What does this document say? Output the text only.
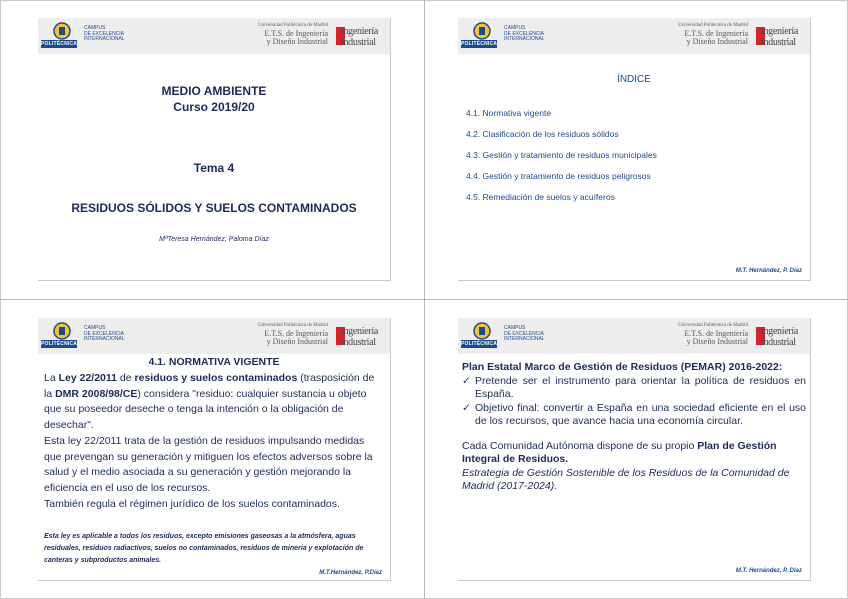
POLITÉCNICA
CAMPUS
DE EXCELENCIA
INTERNACIONAL
Universidad Politécnica de Madrid
E.T.S. de Ingeniería
y Diseño Industrial
ingeniería
industrial
MEDIO AMBIENTE
Curso 2019/20
Tema 4
RESIDUOS SÓLIDOS Y SUELOS CONTAMINADOS
MªTeresa Hernández, Paloma Díaz
POLITÉCNICA
CAMPUS
DE EXCELENCIA
INTERNACIONAL
Universidad Politécnica de Madrid
E.T.S. de Ingeniería
y Diseño Industrial
ingeniería
industrial
ÍNDICE
4.1. Normativa vigente
4.2. Clasificación de los residuos sólidos
4.3. Gestión y tratamiento de residuos municipales
4.4. Gestión y tratamiento de residuos peligrosos
4.5. Remediación de suelos y acuíferos
M.T. Hernández, P. Díaz
POLITÉCNICA
CAMPUS
DE EXCELENCIA
INTERNACIONAL
Universidad Politécnica de Madrid
E.T.S. de Ingeniería
y Diseño Industrial
ingeniería
industrial
4.1. NORMATIVA VIGENTE

La Ley 22/2011 de residuos y suelos contaminados (trasposición de la DMR 2008/98/CE) considera "residuo: cualquier sustancia u objeto que su poseedor deseche o tenga la intención o la obligación de desechar".

Esta ley 22/2011 trata de la gestión de residuos impulsando medidas que prevengan su generación y mitiguen los efectos adversos sobre la salud y el medio asociada a su generación y gestión mejorando la eficiencia en el uso de los recursos.

También regula el régimen jurídico de los suelos contaminados.

Esta ley es aplicable a todos los residuos, excepto emisiones gaseosas a la atmósfera, aguas residuales, residuos radiactivos, suelos no contaminados, residuos de minería y explotación de canteras y subproductos animales.
M.T.Hernández, P.Díaz
POLITÉCNICA
CAMPUS
DE EXCELENCIA
INTERNACIONAL
Universidad Politécnica de Madrid
E.T.S. de Ingeniería
y Diseño Industrial
ingeniería
industrial
Plan Estatal Marco de Gestión de Residuos (PEMAR) 2016-2022:
✓ Pretende ser el instrumento para orientar la política de residuos en España.
✓ Objetivo final: convertir a España en una sociedad eficiente en el uso de los recursos, que avance hacia una economía circular.
Cada Comunidad Autónoma dispone de su propio Plan de Gestión Integral de Residuos.
Estrategia de Gestión Sostenible de los Residuos de la Comunidad de Madrid (2017-2024).
M.T. Hernández, P. Díaz
